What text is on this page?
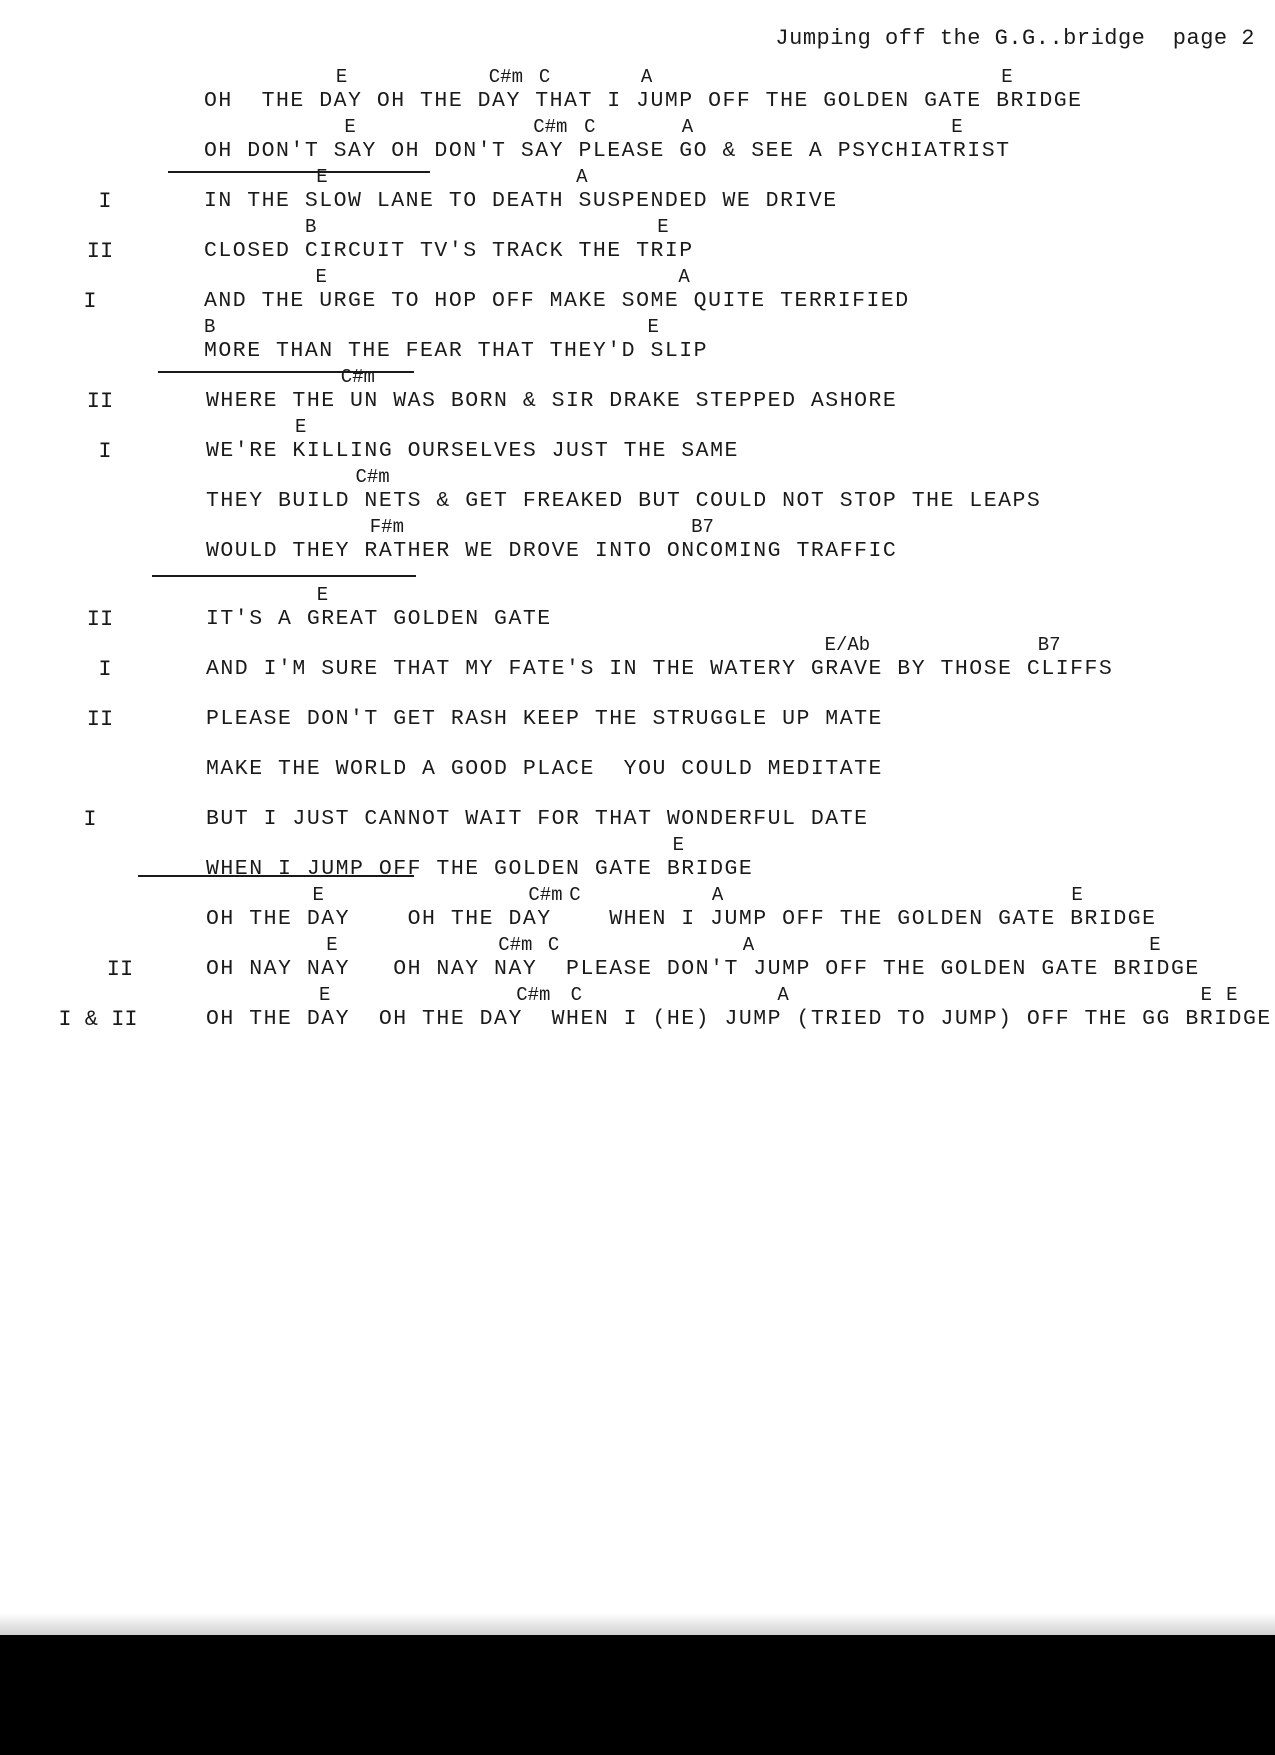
Jumping off the G.G..bridge  page 2

OH  THE DAY OH THE DAY THAT I JUMP OFF THE GOLDEN GATE BRIDGE

E	C#m C	A	E

OH DON'T SAY OH DON'T SAY PLEASE GO & SEE A PSYCHIATRIST

E	C#m C	A	E

I

	IN THE SLOW LANE TO DEATH SUSPENDED WE DRIVE

E	A

II

	CLOSED CIRCUIT TV'S TRACK THE TRIP

B	E

I

	AND THE URGE TO HOP OFF MAKE SOME QUITE TERRIFIED

E	A

MORE THAN THE FEAR THAT THEY'D SLIP

B	E

II

	WHERE THE UN WAS BORN & SIR DRAKE STEPPED ASHORE

C#m

I

	WE'RE KILLING OURSELVES JUST THE SAME

E

THEY BUILD NETS & GET FREAKED BUT COULD NOT STOP THE LEAPS

C#m

WOULD THEY RATHER WE DROVE INTO ONCOMING TRAFFIC

F#m	B7

II

	IT'S A GREAT GOLDEN GATE

E

I

	AND I'M SURE THAT MY FATE'S IN THE WATERY GRAVE BY THOSE CLIFFS

E/Ab	B7

II

	PLEASE DON'T GET RASH KEEP THE STRUGGLE UP MATE

MAKE THE WORLD A GOOD PLACE  YOU COULD MEDITATE

I

	BUT I JUST CANNOT WAIT FOR THAT WONDERFUL DATE

WHEN I JUMP OFF THE GOLDEN GATE BRIDGE

E

OH THE DAY    OH THE DAY    WHEN I JUMP OFF THE GOLDEN GATE BRIDGE

E	C#m C	A	E

II

	OH NAY NAY   OH NAY NAY  PLEASE DON'T JUMP OFF THE GOLDEN GATE BRIDGE

E	C#m C	A	E

I & II

	OH THE DAY  OH THE DAY  WHEN I (HE) JUMP (TRIED TO JUMP) OFF THE GG BRIDGE

E	C#m C	A	E E
